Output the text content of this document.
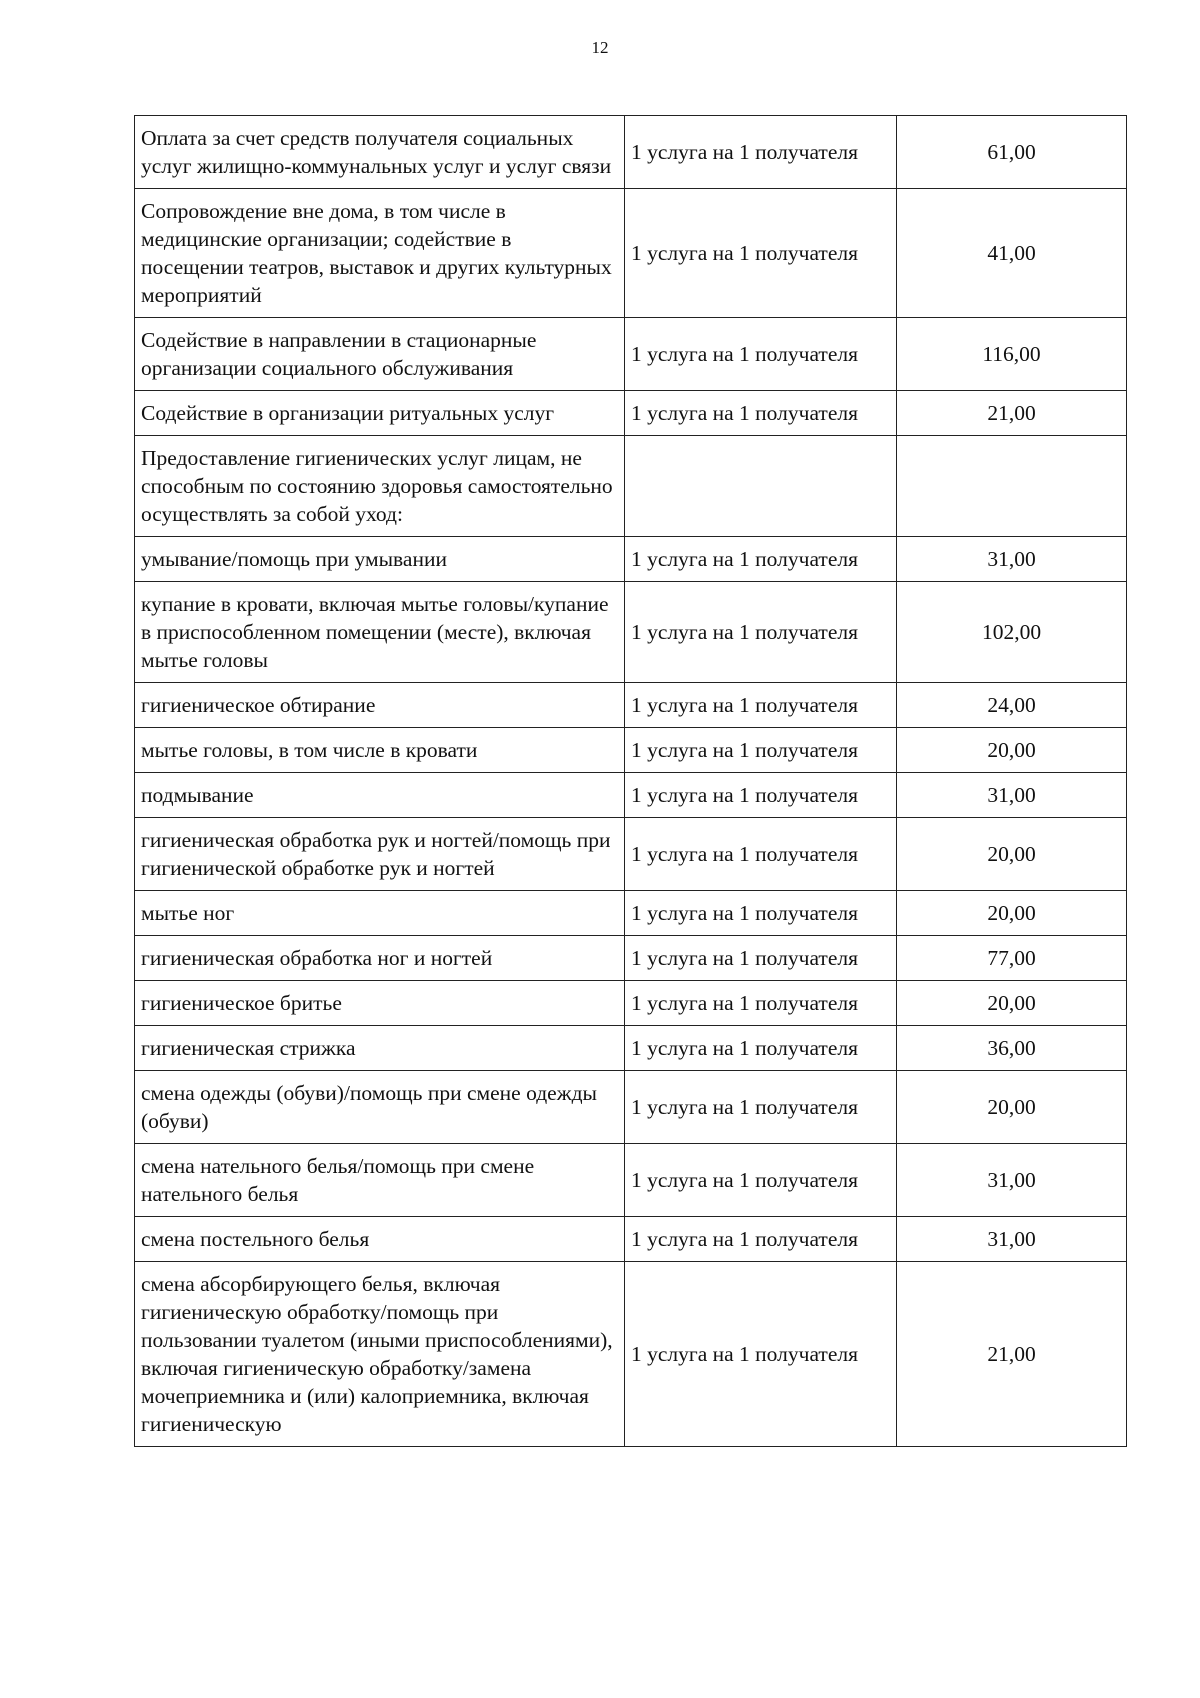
12
Оплата за счет средств получателя социальных услуг жилищно-коммунальных услуг и услуг связи	1 услуга на 1 получателя	61,00
Сопровождение вне дома, в том числе в медицинские организации; содействие в посещении театров, выставок и других культурных мероприятий	1 услуга на 1 получателя	41,00
Содействие в направлении в стационарные организации социального обслуживания	1 услуга на 1 получателя	116,00
Содействие в организации ритуальных услуг	1 услуга на 1 получателя	21,00
Предоставление гигиенических услуг лицам, не способным по состоянию здоровья самостоятельно осуществлять за собой уход:		
умывание/помощь при умывании	1 услуга на 1 получателя	31,00
купание в кровати, включая мытье головы/купание в приспособленном помещении (месте), включая мытье головы	1 услуга на 1 получателя	102,00
гигиеническое обтирание	1 услуга на 1 получателя	24,00
мытье головы, в том числе в кровати	1 услуга на 1 получателя	20,00
подмывание	1 услуга на 1 получателя	31,00
гигиеническая обработка рук и ногтей/помощь при гигиенической обработке рук и ногтей	1 услуга на 1 получателя	20,00
мытье ног	1 услуга на 1 получателя	20,00
гигиеническая обработка ног и ногтей	1 услуга на 1 получателя	77,00
гигиеническое бритье	1 услуга на 1 получателя	20,00
гигиеническая стрижка	1 услуга на 1 получателя	36,00
смена одежды (обуви)/помощь при смене одежды (обуви)	1 услуга на 1 получателя	20,00
смена нательного белья/помощь при смене нательного белья	1 услуга на 1 получателя	31,00
смена постельного белья	1 услуга на 1 получателя	31,00
смена абсорбирующего белья, включая гигиеническую обработку/помощь при пользовании туалетом (иными приспособлениями), включая гигиеническую обработку/замена мочеприемника и (или) калоприемника, включая гигиеническую	1 услуга на 1 получателя	21,00
